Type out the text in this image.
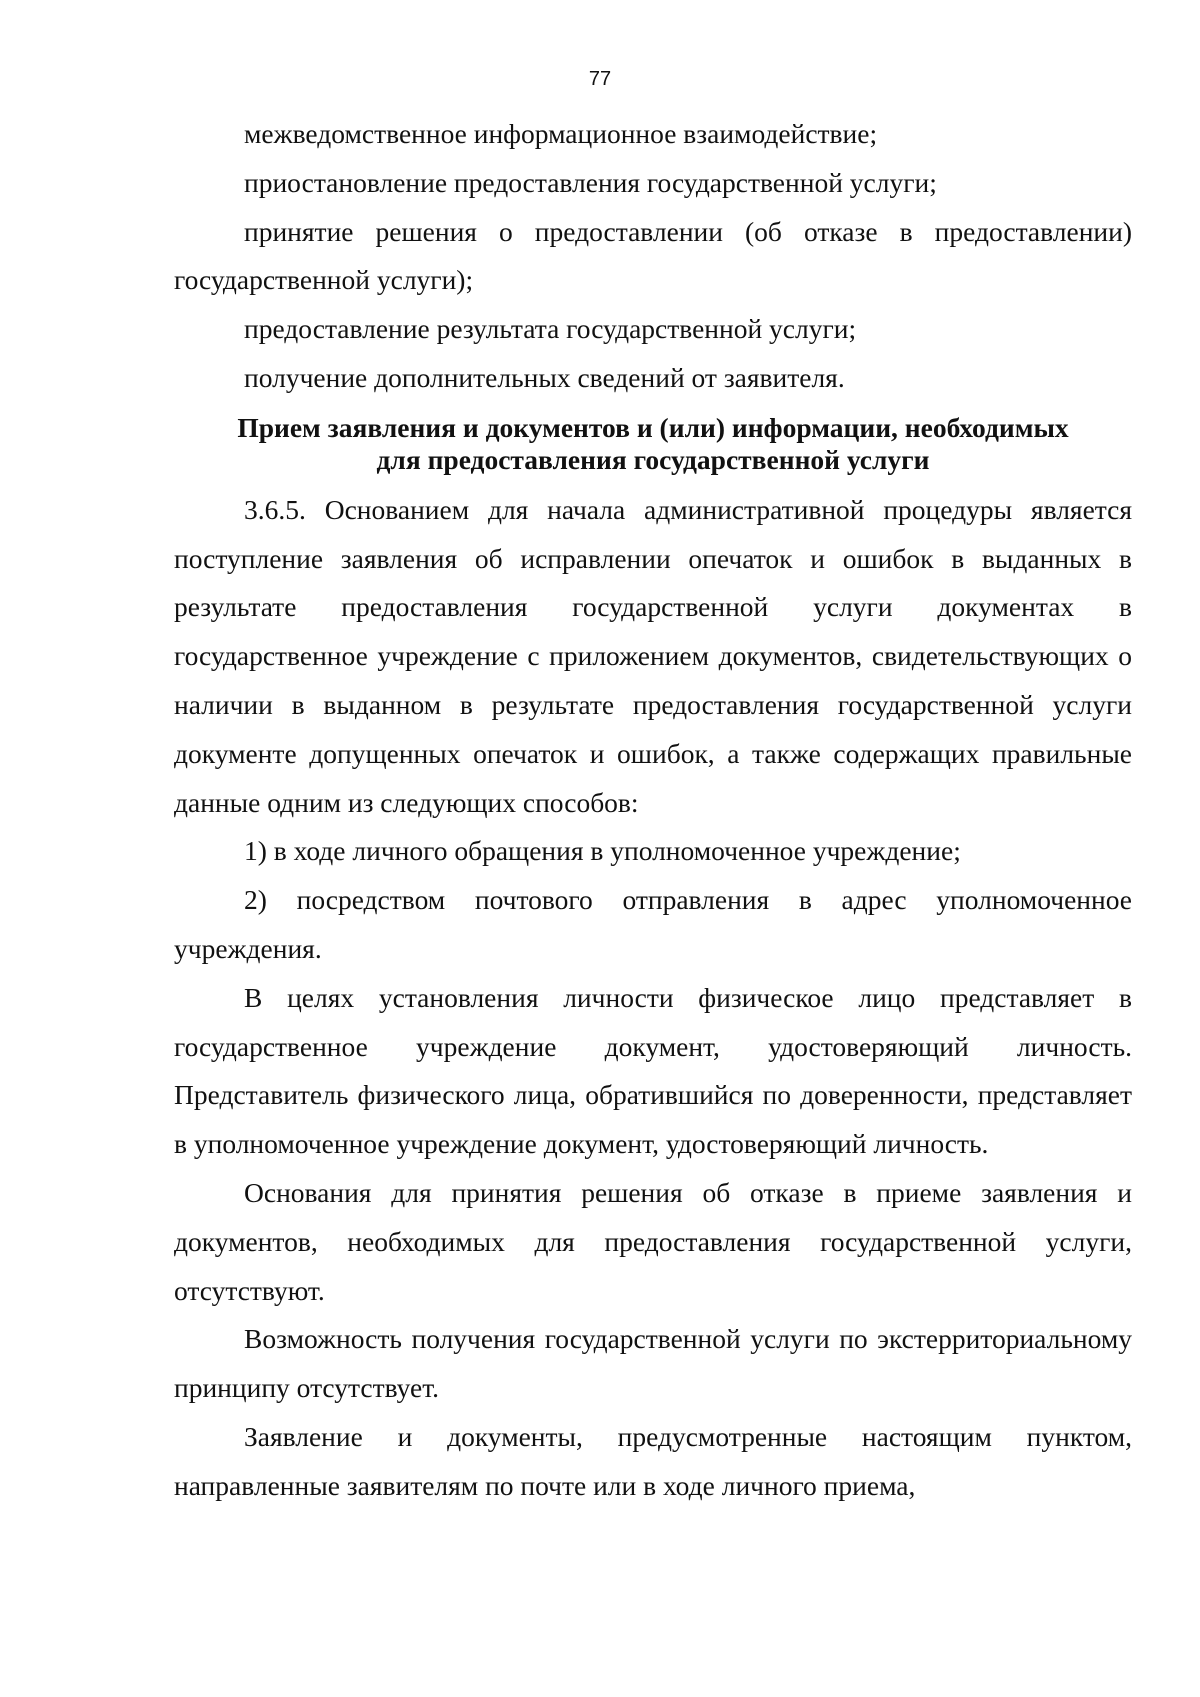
77

межведомственное информационное взаимодействие;

приостановление предоставления государственной услуги;

принятие решения о предоставлении (об отказе в предоставлении) государственной услуги);

предоставление результата государственной услуги;

получение дополнительных сведений от заявителя.

Прием заявления и документов и (или) информации, необходимых
для предоставления государственной услуги

3.6.5. Основанием для начала административной процедуры является поступление заявления об исправлении опечаток и ошибок в выданных в результате предоставления государственной услуги документах в государственное учреждение с приложением документов, свидетельствующих о наличии в выданном в результате предоставления государственной услуги документе допущенных опечаток и ошибок, а также содержащих правильные данные одним из следующих способов:

1) в ходе личного обращения в уполномоченное учреждение;

2) посредством почтового отправления в адрес уполномоченное учреждения.

В целях установления личности физическое лицо представляет в государственное учреждение документ, удостоверяющий личность. Представитель физического лица, обратившийся по доверенности, представляет в уполномоченное учреждение документ, удостоверяющий личность.

Основания для принятия решения об отказе в приеме заявления и документов, необходимых для предоставления государственной услуги, отсутствуют.

Возможность получения государственной услуги по экстерриториальному принципу отсутствует.

Заявление и документы, предусмотренные настоящим пунктом, направленные заявителям по почте или в ходе личного приема,
